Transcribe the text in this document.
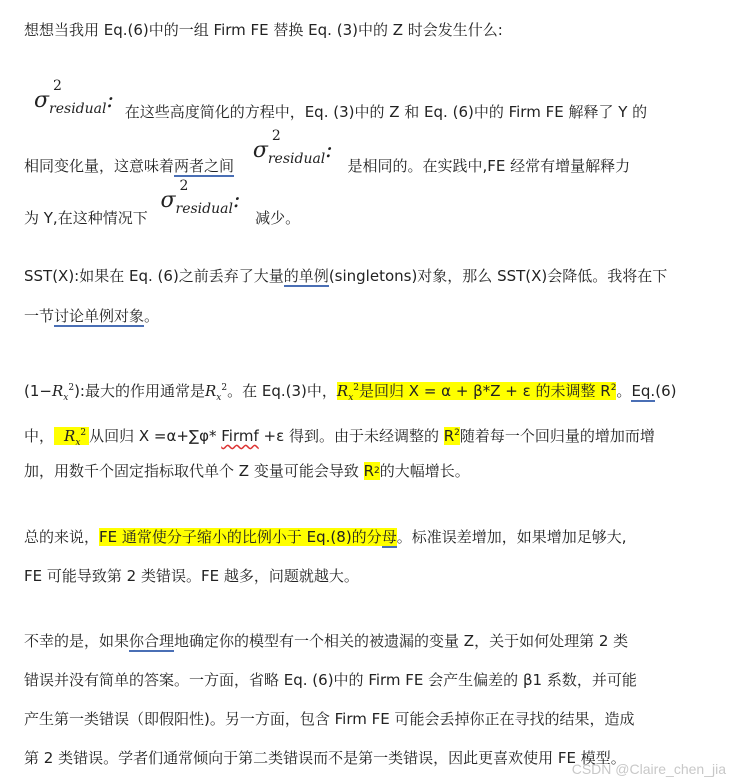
想想当我用 Eq.(6)中的一组 Firm FE 替换 Eq. (3)中的 Z 时会发生什么:
σ
2
$_{residual}$: 在这些高度简化的方程中，Eq. (3)中的 Z 和 Eq. (6)中的 Firm FE 解释了 Y 的
相同变化量，这意味着两者之间 σ
2
$_{residual}$: 是相同的。在实践中,FE 经常有增量解释力
为 Y,在这种情况下 σ
2
$_{residual}$: 减少。
SST(X):如果在 Eq. (6)之前丢弃了大量的单例(singletons)对象，那么 SST(X)会降低。我将在下
一节讨论单例对象。
$(1-R_x^2)$:最大的作用通常是$R_x^2$。在 Eq.(3)中，$R_x^2$是回归 X = α + β*Z + ε 的未调整 $R^2$。Eq.(6)
中， $R_x^2$ 从回归 X =α+∑φ* Firmf +ε 得到。由于未经调整的 $R^2$随着每一个回归量的增加而增
加，用数千个固定指标取代单个 Z 变量可能会导致 $R^2$的大幅增长。
总的来说，FE 通常使分子缩小的比例小于 Eq.(8)的分母。标准误差增加，如果增加足够大,
FE 可能导致第 2 类错误。FE 越多，问题就越大。
不幸的是，如果你合理地确定你的模型有一个相关的被遗漏的变量 Z，关于如何处理第 2 类
错误并没有简单的答案。一方面，省略 Eq. (6)中的 Firm FE 会产生偏差的 β1 系数，并可能
产生第一类错误（即假阳性)。另一方面，包含 Firm FE 可能会丢掉你正在寻找的结果，造成
第 2 类错误。学者们通常倾向于第二类错误而不是第一类错误，因此更喜欢使用 FE 模型。
CSDN @Claire_chen_jia
